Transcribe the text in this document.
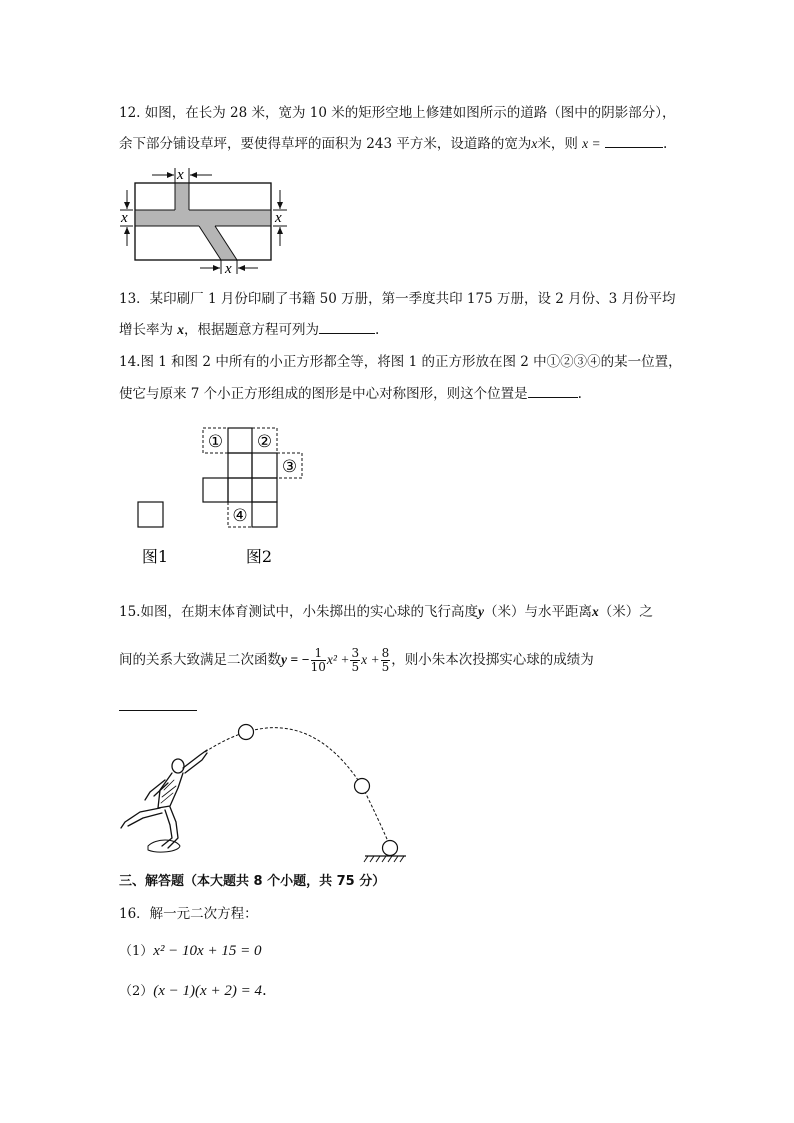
12. 如图，在长为 28 米，宽为 10 米的矩形空地上修建如图所示的道路（图中的阴影部分），
余下部分铺设草坪，要使得草坪的面积为 243 平方米，设道路的宽为x米，则 x =	.
x
x	x
x
13．某印刷厂 1 月份印刷了书籍 50 万册，第一季度共印 175 万册，设 2 月份、3 月份平均
增长率为 x，根据题意方程可列为	.
14.图 1 和图 2 中所有的小正方形都全等，将图 1 的正方形放在图 2 中①②③④的某一位置，
使它与原来 7 个小正方形组成的图形是中心对称图形，则这个位置是	.
① ②
③
④
图1	图2
15.如图，在期末体育测试中，小朱掷出的实心球的飞行高度y（米）与水平距离x（米）之
间的关系大致满足二次函数y = − $\frac{1}{10} x^2 + \frac{3}{5}$ $x + \frac{8}{5}$ ，则小朱本次投掷实心球的成绩为
三、解答题（本大题共 8 个小题，共 75 分）
16．解一元二次方程：
（1）x² − 10x + 15 = 0
（2）(x − 1)(x + 2) = 4.
